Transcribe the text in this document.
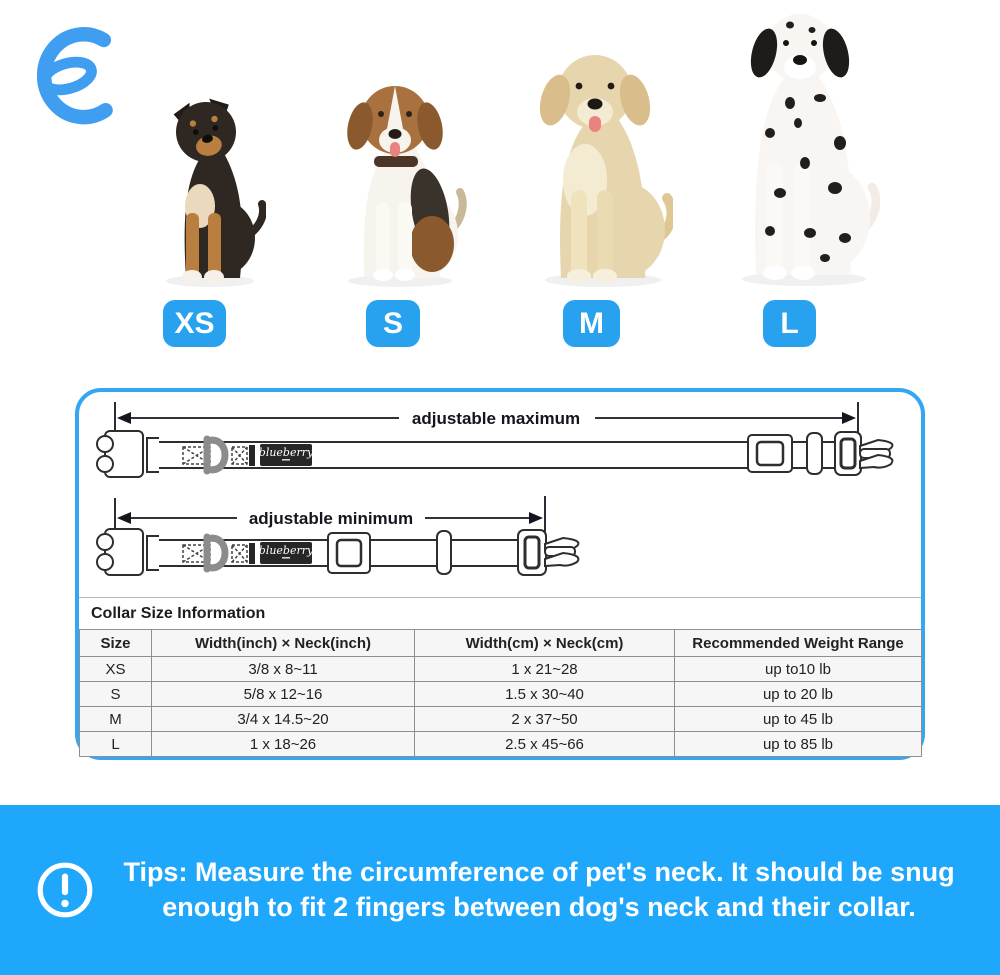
XS	S	M	L
adjustable maximum
blueberry
adjustable minimum
blueberry
Collar Size Information
Size	Width(inch) × Neck(inch)	Width(cm) × Neck(cm)	Recommended Weight Range
XS	3/8 x 8~11	1 x 21~28	up to10 lb
S	5/8 x 12~16	1.5 x 30~40	up to 20 lb
M	3/4 x 14.5~20	2 x 37~50	up to 45 lb
L	1 x 18~26	2.5 x 45~66	up to 85 lb
Tips: Measure the circumference of pet's neck. It should be snug
enough to fit 2 fingers between dog's neck and their collar.
